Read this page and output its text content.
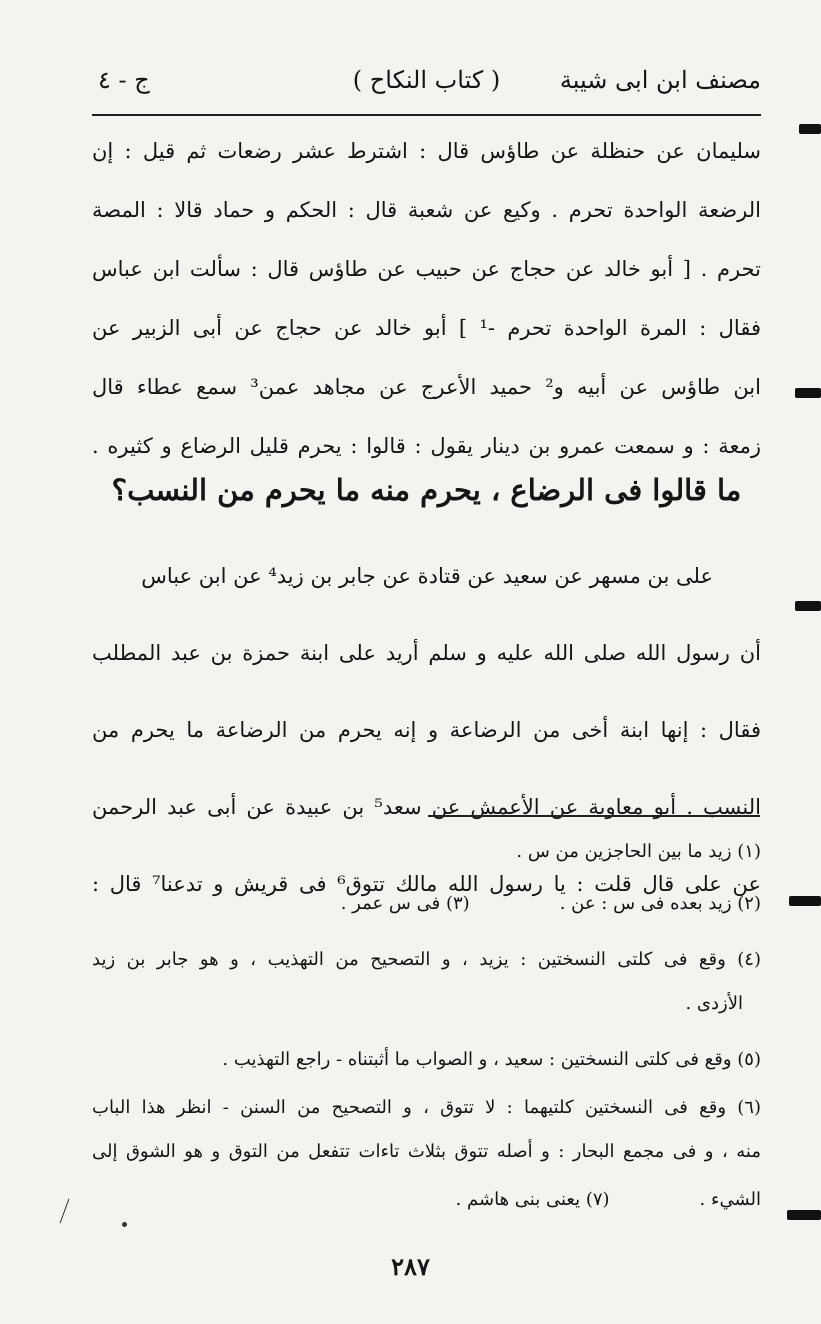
مصنف ابن ابى شيبة
( كتاب النكاح )
ج - ٤

سليمان عن حنظلة عن طاؤس قال : اشترط عشر رضعات ثم قيل : إن

الرضعة الواحدة تحرم . وكيع عن شعبة قال : الحكم و حماد قالا : المصة

تحرم . [ أبو خالد عن حجاج عن حبيب عن طاؤس قال : سألت ابن عباس

فقال : المرة الواحدة تحرم -¹ ] أبو خالد عن حجاج عن أبى الزبير عن

ابن طاؤس عن أبيه و² حميد الأعرج عن مجاهد عمن³ سمع عطاء قال

زمعة : و سمعت عمرو بن دينار يقول : قالوا : يحرم قليل الرضاع و كثيره .

ما قالوا فى الرضاع ، يحرم منه ما يحرم من النسب؟

على بن مسهر عن سعيد عن قتادة عن جابر بن زيد⁴ عن ابن عباس

أن رسول الله صلى الله عليه و سلم أريد على ابنة حمزة بن عبد المطلب

فقال : إنها ابنة أخى من الرضاعة و إنه يحرم من الرضاعة ما يحرم من

النسب . أبو معاوية عن الأعمش عن سعد⁵ بن عبيدة عن أبى عبد الرحمن

عن على قال قلت : يا رسول الله مالك تتوق⁶ فى قريش و تدعنا⁷ قال :

(١) زيد ما بين الحاجزين من س .

(٢) زيد بعده فى س : عن .(٣) فى س عمر .

(٤) وقع فى كلتى النسختين : يزيد ، و التصحيح من التهذيب ، و هو جابر بن زيد

الأزدى .

(٥) وقع فى كلتى النسختين : سعيد ، و الصواب ما أثبتناه - راجع التهذيب .

(٦) وقع فى النسختين كلتيهما : لا تتوق ، و التصحيح من السنن - انظر هذا الباب

منه ، و فى مجمع البحار : و أصله تتوق بثلاث تاءات تتفعل من التوق و هو الشوق إلى

الشيء .(٧) يعنى بنى هاشم .

٢٨٧
